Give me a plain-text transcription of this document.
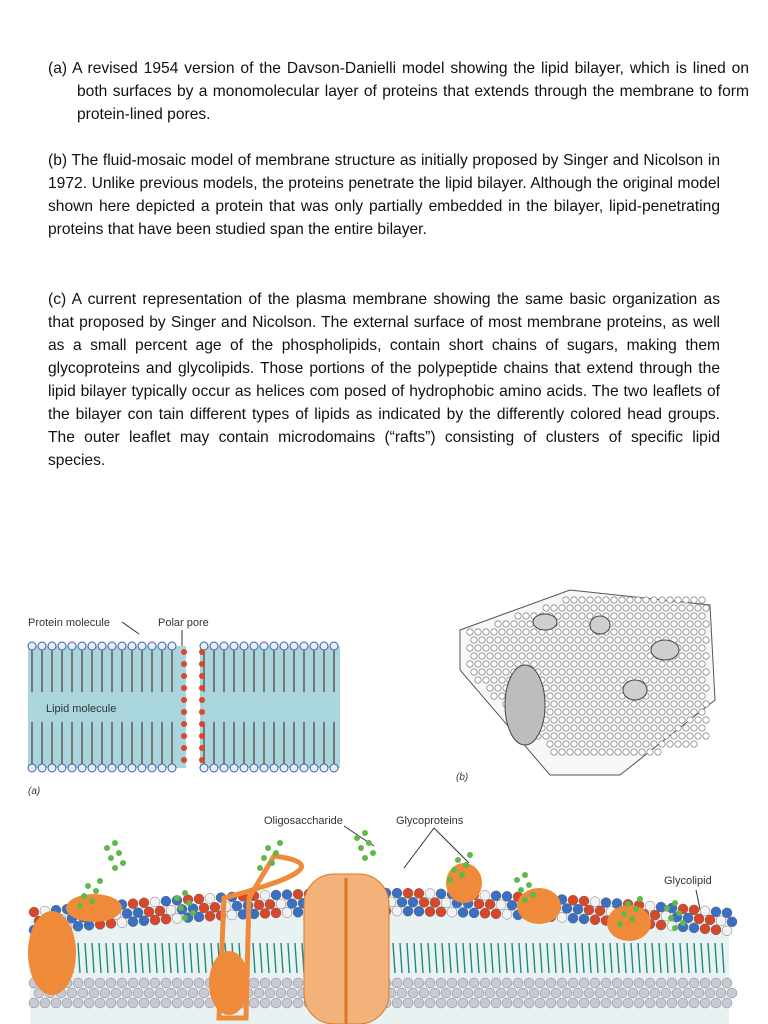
(a) A revised 1954 version of the Davson-Danielli model showing the lipid bilayer, which is lined on both surfaces by a monomolecular layer of proteins that extends through the membrane to form protein-lined pores.

(b) The fluid-mosaic model of membrane structure as initially proposed by Singer and Nicolson in 1972. Unlike previous models, the proteins penetrate the lipid bilayer. Although the original model shown here depicted a protein that was only partially embedded in the bilayer, lipid-penetrating proteins that have been studied span the entire bilayer.

(c) A current representation of the plasma membrane showing the same basic organization as that proposed by Singer and Nicolson. The external surface of most membrane proteins, as well as a small percent age of the phospholipids, contain short chains of sugars, making them glycoproteins and glycolipids. Those portions of the polypeptide chains that extend through the lipid bilayer typically occur as helices com posed of hydrophobic amino acids. The two leaflets of the bilayer con tain different types of lipids as indicated by the differently colored head groups. The outer leaflet may contain microdomains (“rafts”) consisting of clusters of specific lipid species.

Protein molecule	Polar pore
Lipid molecule
(a)
(b)
Oligosaccharide	Glycoproteins
Glycolipid
